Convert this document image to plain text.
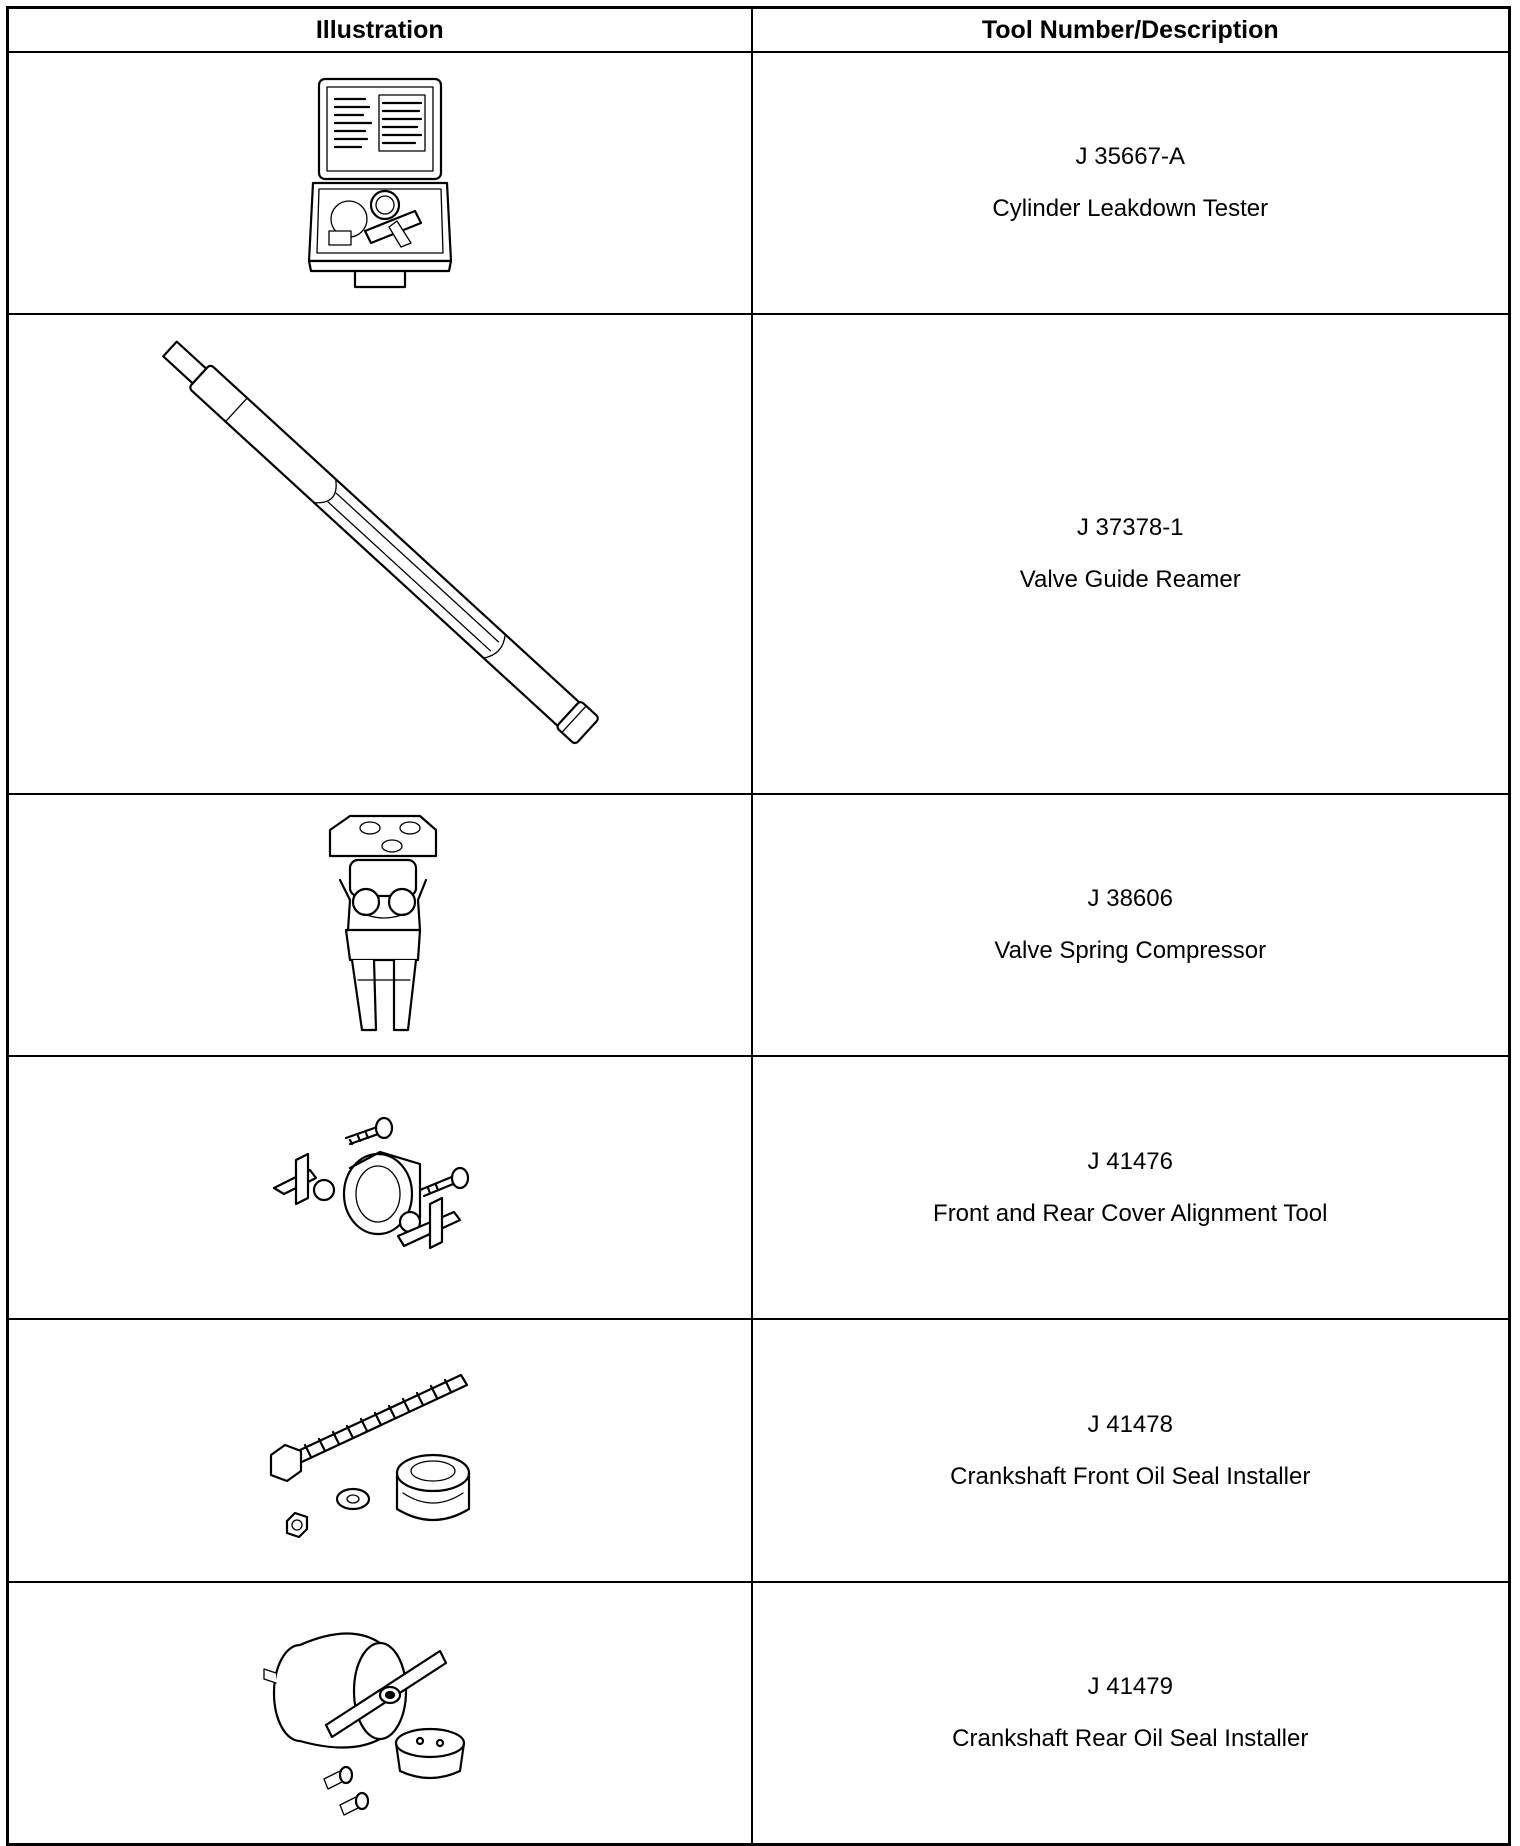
Illustration	Tool Number/Description

J 35667-A
Cylinder Leakdown Tester

J 37378-1
Valve Guide Reamer

J 38606
Valve Spring Compressor

J 41476
Front and Rear Cover Alignment Tool

J 41478
Crankshaft Front Oil Seal Installer

J 41479
Crankshaft Rear Oil Seal Installer
